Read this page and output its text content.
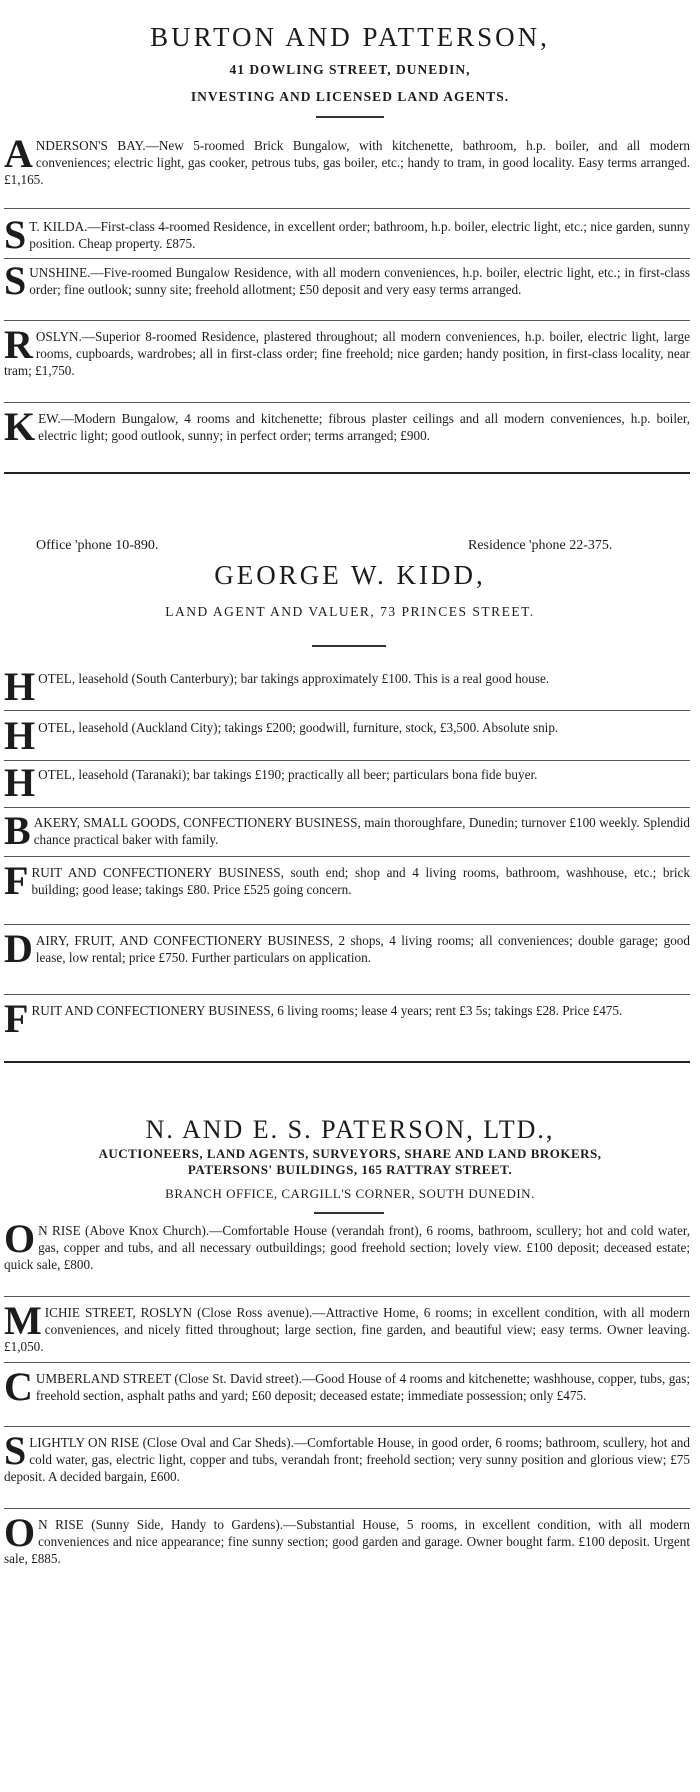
BURTON AND PATTERSON,
41 DOWLING STREET, DUNEDIN,
INVESTING AND LICENSED LAND AGENTS.
ANDERSON'S BAY.—New 5-roomed Brick Bungalow, with kitchenette, bathroom, h.p. boiler, and all modern conveniences; electric light, gas cooker, petrous tubs, gas boiler, etc.; handy to tram, in good locality. Easy terms arranged. £1,165.
S T. KILDA.—First-class 4-roomed Residence, in excellent order; bathroom, h.p. boiler, electric light, etc.; nice garden, sunny position. Cheap property. £875.
SUNSHINE.—Five-roomed Bungalow Residence, with all modern conveniences, h.p. boiler, electric light, etc.; in first-class order; fine outlook; sunny site; freehold allotment; £50 deposit and very easy terms arranged.
ROSLYN.—Superior 8-roomed Residence, plastered throughout; all modern conveniences, h.p. boiler, electric light, large rooms, cupboards, wardrobes; all in first-class order; fine freehold; nice garden; handy position, in first-class locality, near tram; £1,750.
KEW.—Modern Bungalow, 4 rooms and kitchenette; fibrous plaster ceilings and all modern conveniences, h.p. boiler, electric light; good outlook, sunny; in perfect order; terms arranged; £900.
Office 'phone 10-890.	Residence 'phone 22-375.
GEORGE W. KIDD,
LAND AGENT AND VALUER, 73 PRINCES STREET.
HOTEL, leasehold (South Canterbury); bar takings approximately £100. This is a real good house.
HOTEL, leasehold (Auckland City); takings £200; goodwill, furniture, stock, £3,500. Absolute snip.
HOTEL, leasehold (Taranaki); bar takings £190; practically all beer; particulars bona fide buyer.
BAKERY, SMALL GOODS, CONFECTIONERY BUSINESS, main thoroughfare, Dunedin; turnover £100 weekly. Splendid chance practical baker with family.
FRUIT AND CONFECTIONERY BUSINESS, south end; shop and 4 living rooms, bathroom, washhouse, etc.; brick building; good lease; takings £80. Price £525 going concern.
DAIRY, FRUIT, AND CONFECTIONERY BUSINESS, 2 shops, 4 living rooms; all conveniences; double garage; good lease, low rental; price £750. Further particulars on application.
FRUIT AND CONFECTIONERY BUSINESS, 6 living rooms; lease 4 years; rent £3 5s; takings £28. Price £475.
N. AND E. S. PATERSON, LTD.,
AUCTIONEERS, LAND AGENTS, SURVEYORS, SHARE AND LAND BROKERS,
PATERSONS' BUILDINGS, 165 RATTRAY STREET.
BRANCH OFFICE, CARGILL'S CORNER, SOUTH DUNEDIN.
O N RISE (Above Knox Church).—Comfortable House (verandah front), 6 rooms, bathroom, scullery; hot and cold water, gas, copper and tubs, and all necessary outbuildings; good freehold section; lovely view. £100 deposit; deceased estate; quick sale, £800.
MICHIE STREET, ROSLYN (Close Ross avenue).—Attractive Home, 6 rooms; in excellent condition, with all modern conveniences, and nicely fitted throughout; large section, fine garden, and beautiful view; easy terms. Owner leaving. £1,050.
CUMBERLAND STREET (Close St. David street).—Good House of 4 rooms and kitchenette; washhouse, copper, tubs, gas; freehold section, asphalt paths and yard; £60 deposit; deceased estate; immediate possession; only £475.
SLIGHTLY ON RISE (Close Oval and Car Sheds).—Comfortable House, in good order, 6 rooms; bathroom, scullery, hot and cold water, gas, electric light, copper and tubs, verandah front; freehold section; very sunny position and glorious view; £75 deposit. A decided bargain, £600.
O N RISE (Sunny Side, Handy to Gardens).—Substantial House, 5 rooms, in excellent condition, with all modern conveniences and nice appearance; fine sunny section; good garden and garage. Owner bought farm. £100 deposit. Urgent sale, £885.
